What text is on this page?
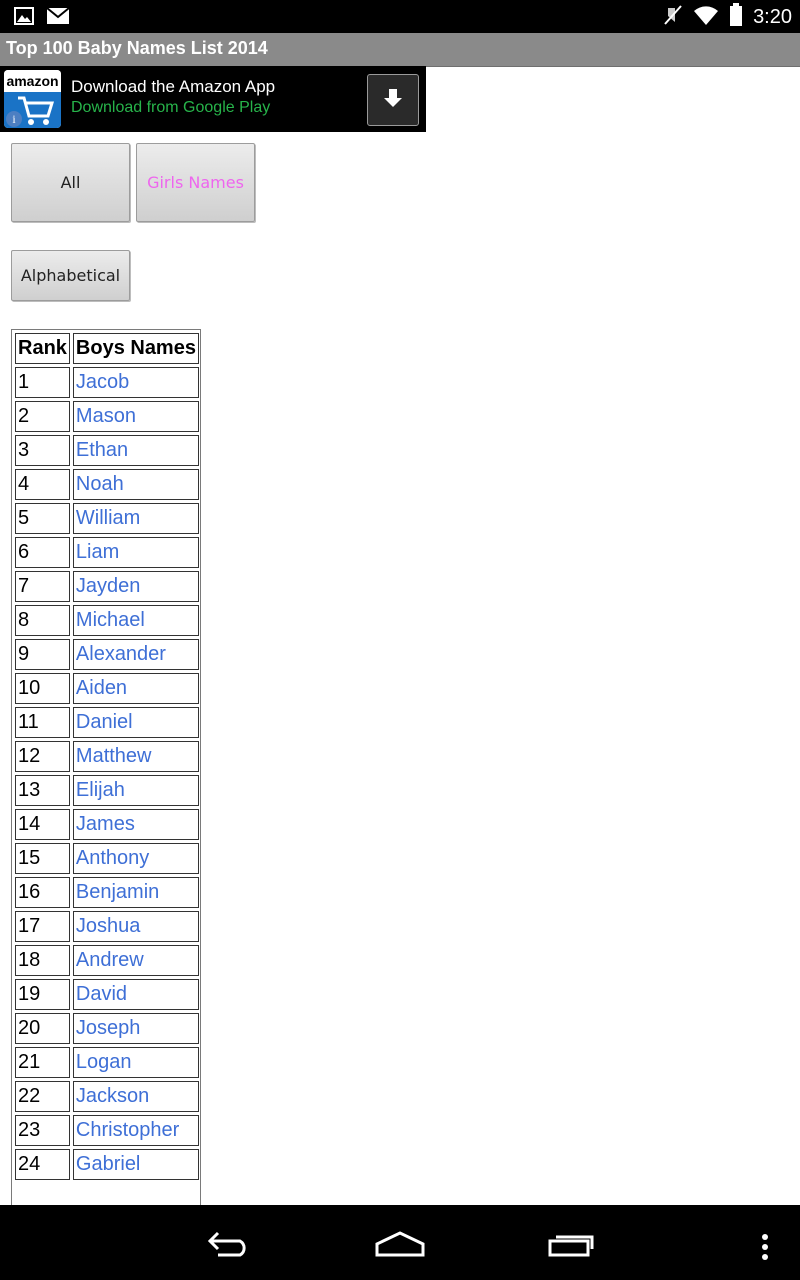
3:20
Top 100 Baby Names List 2014
amazon
i
Download the Amazon App
Download from Google Play
All	Girls Names
Alphabetical
Rank	Boys Names
1	Jacob
2	Mason
3	Ethan
4	Noah
5	William
6	Liam
7	Jayden
8	Michael
9	Alexander
10	Aiden
11	Daniel
12	Matthew
13	Elijah
14	James
15	Anthony
16	Benjamin
17	Joshua
18	Andrew
19	David
20	Joseph
21	Logan
22	Jackson
23	Christopher
24	Gabriel
